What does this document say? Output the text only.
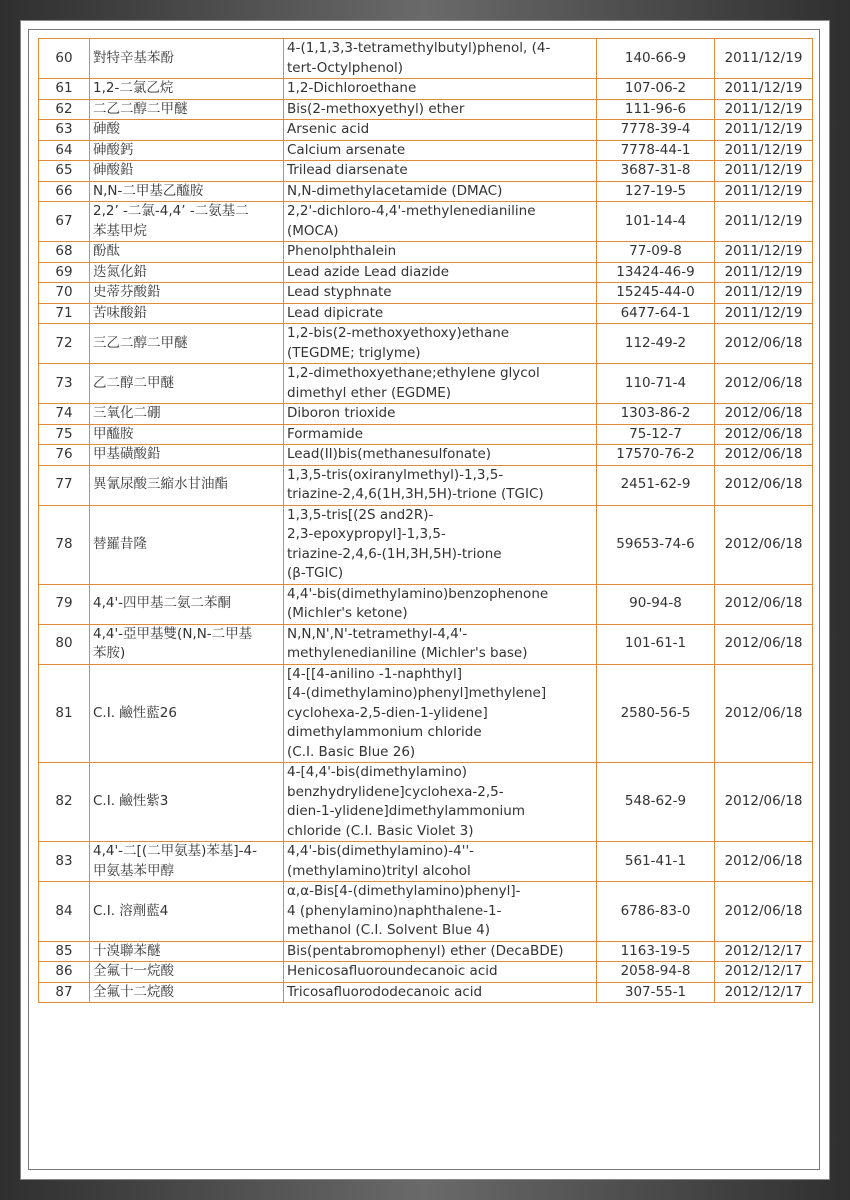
60	對特辛基苯酚	4-(1,1,3,3-tetramethylbutyl)phenol, (4-
tert-Octylphenol)	140-66-9	2011/12/19
61	1,2-二氯乙烷	1,2-Dichloroethane	107-06-2	2011/12/19
62	二乙二醇二甲醚	Bis(2-methoxyethyl) ether	111-96-6	2011/12/19
63	砷酸	Arsenic acid	7778-39-4	2011/12/19
64	砷酸鈣	Calcium arsenate	7778-44-1	2011/12/19
65	砷酸鉛	Trilead diarsenate	3687-31-8	2011/12/19
66	N,N-二甲基乙醯胺	N,N-dimethylacetamide (DMAC)	127-19-5	2011/12/19
67	2,2’ -二氯-4,4’ -二氨基二
苯基甲烷	2,2'-dichloro-4,4'-methylenedianiline
(MOCA)	101-14-4	2011/12/19
68	酚酞	Phenolphthalein	77-09-8	2011/12/19
69	迭氮化鉛	Lead azide Lead diazide	13424-46-9	2011/12/19
70	史蒂芬酸鉛	Lead styphnate	15245-44-0	2011/12/19
71	苦味酸鉛	Lead dipicrate	6477-64-1	2011/12/19
72	三乙二醇二甲醚	1,2-bis(2-methoxyethoxy)ethane
(TEGDME; triglyme)	112-49-2	2012/06/18
73	乙二醇二甲醚	1,2-dimethoxyethane;ethylene glycol
dimethyl ether (EGDME)	110-71-4	2012/06/18
74	三氧化二硼	Diboron trioxide	1303-86-2	2012/06/18
75	甲醯胺	Formamide	75-12-7	2012/06/18
76	甲基磺酸鉛	Lead(II)bis(methanesulfonate)	17570-76-2	2012/06/18
77	異氰尿酸三縮水甘油酯	1,3,5-tris(oxiranylmethyl)-1,3,5-
triazine-2,4,6(1H,3H,5H)-trione (TGIC)	2451-62-9	2012/06/18
78	替羅昔隆	1,3,5-tris[(2S and2R)-
2,3-epoxypropyl]-1,3,5-
triazine-2,4,6-(1H,3H,5H)-trione
(β-TGIC)	59653-74-6	2012/06/18
79	4,4'-四甲基二氨二苯酮	4,4'-bis(dimethylamino)benzophenone
(Michler's ketone)	90-94-8	2012/06/18
80	4,4'-亞甲基雙(N,N-二甲基
苯胺)	N,N,N',N'-tetramethyl-4,4'-
methylenedianiline (Michler's base)	101-61-1	2012/06/18
81	C.I. 鹼性藍26	[4-[[4-anilino -1-naphthyl]
[4-(dimethylamino)phenyl]methylene]
cyclohexa-2,5-dien-1-ylidene]
dimethylammonium chloride
(C.I. Basic Blue 26)	2580-56-5	2012/06/18
82	C.I. 鹼性紫3	4-[4,4'-bis(dimethylamino)
benzhydrylidene]cyclohexa-2,5-
dien-1-ylidene]dimethylammonium
chloride (C.I. Basic Violet 3)	548-62-9	2012/06/18
83	4,4'-二[(二甲氨基)苯基]-4-
甲氨基苯甲醇	4,4'-bis(dimethylamino)-4''-
(methylamino)trityl alcohol	561-41-1	2012/06/18
84	C.I. 溶劑藍4	α,α-Bis[4-(dimethylamino)phenyl]-
4 (phenylamino)naphthalene-1-
methanol (C.I. Solvent Blue 4)	6786-83-0	2012/06/18
85	十溴聯苯醚	Bis(pentabromophenyl) ether (DecaBDE)	1163-19-5	2012/12/17
86	全氟十一烷酸	Henicosafluoroundecanoic acid	2058-94-8	2012/12/17
87	全氟十二烷酸	Tricosafluorododecanoic acid	307-55-1	2012/12/17
